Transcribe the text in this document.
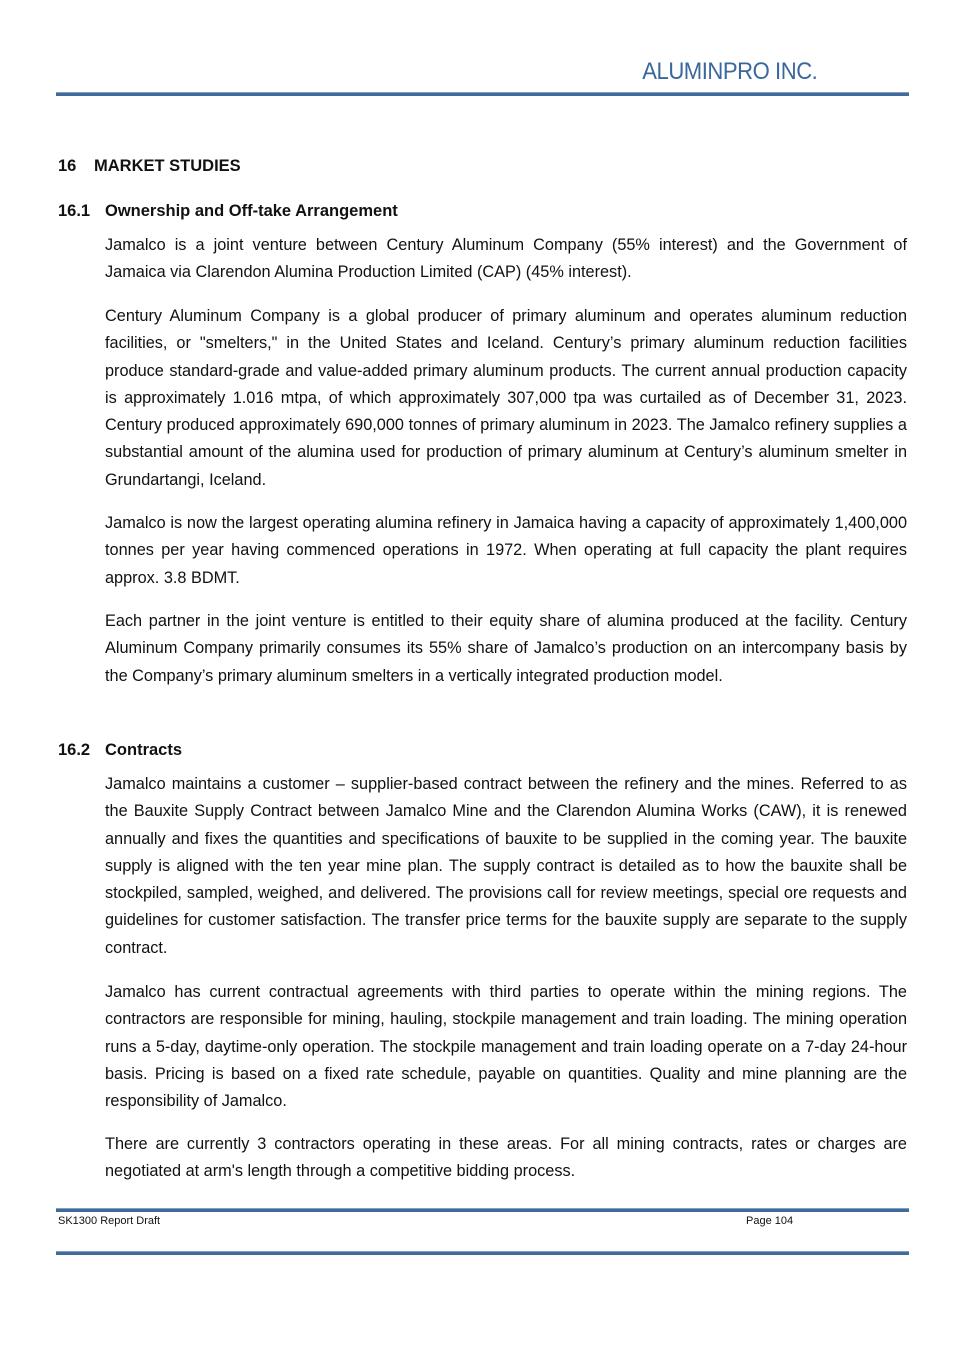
ALUMINPRO INC.
16 MARKET STUDIES
16.1 Ownership and Off-take Arrangement

Jamalco is a joint venture between Century Aluminum Company (55% interest) and the Government of Jamaica via Clarendon Alumina Production Limited (CAP) (45% interest).

Century Aluminum Company is a global producer of primary aluminum and operates aluminum reduction facilities, or "smelters," in the United States and Iceland. Century’s primary aluminum reduction facilities produce standard-grade and value-added primary aluminum products. The current annual production capacity is approximately 1.016 mtpa, of which approximately 307,000 tpa was curtailed as of December 31, 2023. Century produced approximately 690,000 tonnes of primary aluminum in 2023. The Jamalco refinery supplies a substantial amount of the alumina used for production of primary aluminum at Century’s aluminum smelter in Grundartangi, Iceland.

Jamalco is now the largest operating alumina refinery in Jamaica having a capacity of approximately 1,400,000 tonnes per year having commenced operations in 1972. When operating at full capacity the plant requires approx. 3.8 BDMT.

Each partner in the joint venture is entitled to their equity share of alumina produced at the facility. Century Aluminum Company primarily consumes its 55% share of Jamalco’s production on an intercompany basis by the Company’s primary aluminum smelters in a vertically integrated production model.

16.2 Contracts

Jamalco maintains a customer – supplier-based contract between the refinery and the mines. Referred to as the Bauxite Supply Contract between Jamalco Mine and the Clarendon Alumina Works (CAW), it is renewed annually and fixes the quantities and specifications of bauxite to be supplied in the coming year. The bauxite supply is aligned with the ten year mine plan. The supply contract is detailed as to how the bauxite shall be stockpiled, sampled, weighed, and delivered. The provisions call for review meetings, special ore requests and guidelines for customer satisfaction. The transfer price terms for the bauxite supply are separate to the supply contract.

Jamalco has current contractual agreements with third parties to operate within the mining regions. The contractors are responsible for mining, hauling, stockpile management and train loading. The mining operation runs a 5-day, daytime-only operation. The stockpile management and train loading operate on a 7-day 24-hour basis. Pricing is based on a fixed rate schedule, payable on quantities. Quality and mine planning are the responsibility of Jamalco.

There are currently 3 contractors operating in these areas. For all mining contracts, rates or charges are negotiated at arm's length through a competitive bidding process.

SK1300 Report Draft	Page 104
